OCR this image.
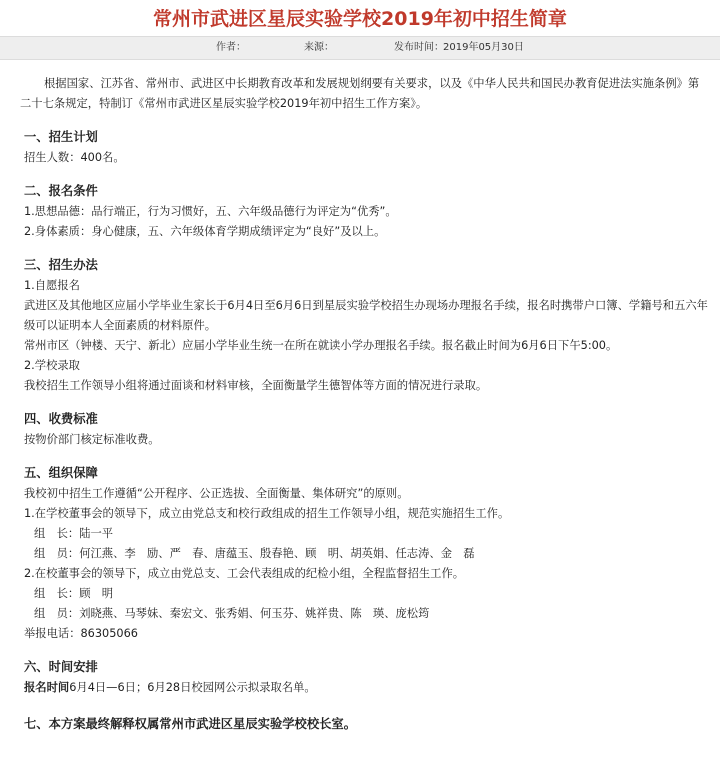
常州市武进区星辰实验学校2019年初中招生简章
作者：	来源：	发布时间： 2019年05月30日
根据国家、江苏省、常州市、武进区中长期教育改革和发展规划纲要有关要求，以及《中华人民共和国民办教育促进法实施条例》第二十七条规定，特制订《常州市武进区星辰实验学校2019年初中招生工作方案》。
一、招生计划
招生人数：400名。
二、报名条件
1.思想品德：品行端正，行为习惯好，五、六年级品德行为评定为“优秀”。
2.身体素质：身心健康，五、六年级体育学期成绩评定为“良好”及以上。
三、招生办法
1.自愿报名
武进区及其他地区应届小学毕业生家长于6月4日至6月6日到星辰实验学校招生办现场办理报名手续，报名时携带户口簿、学籍号和五六年级可以证明本人全面素质的材料原件。
常州市区（钟楼、天宁、新北）应届小学毕业生统一在所在就读小学办理报名手续。报名截止时间为6月6日下午5:00。
2.学校录取
我校招生工作领导小组将通过面谈和材料审核，全面衡量学生德智体等方面的情况进行录取。
四、收费标准
按物价部门核定标准收费。
五、组织保障
我校初中招生工作遵循“公开程序、公正选拔、全面衡量、集体研究”的原则。
1.在学校董事会的领导下，成立由党总支和校行政组成的招生工作领导小组，规范实施招生工作。
组　长：陆一平
组　员：何江燕、李　励、严　春、唐蕴玉、殷春艳、顾　明、胡英娟、任志涛、金　磊
2.在校董事会的领导下，成立由党总支、工会代表组成的纪检小组，全程监督招生工作。
组　长：顾　明
组　员：刘晓燕、马琴妹、秦宏文、张秀娟、何玉芬、姚祥贵、陈　瑛、庞松筠
举报电话：86305066
六、时间安排
报名时间6月4日—6日；6月28日校园网公示拟录取名单。
七、本方案最终解释权属常州市武进区星辰实验学校校长室。
